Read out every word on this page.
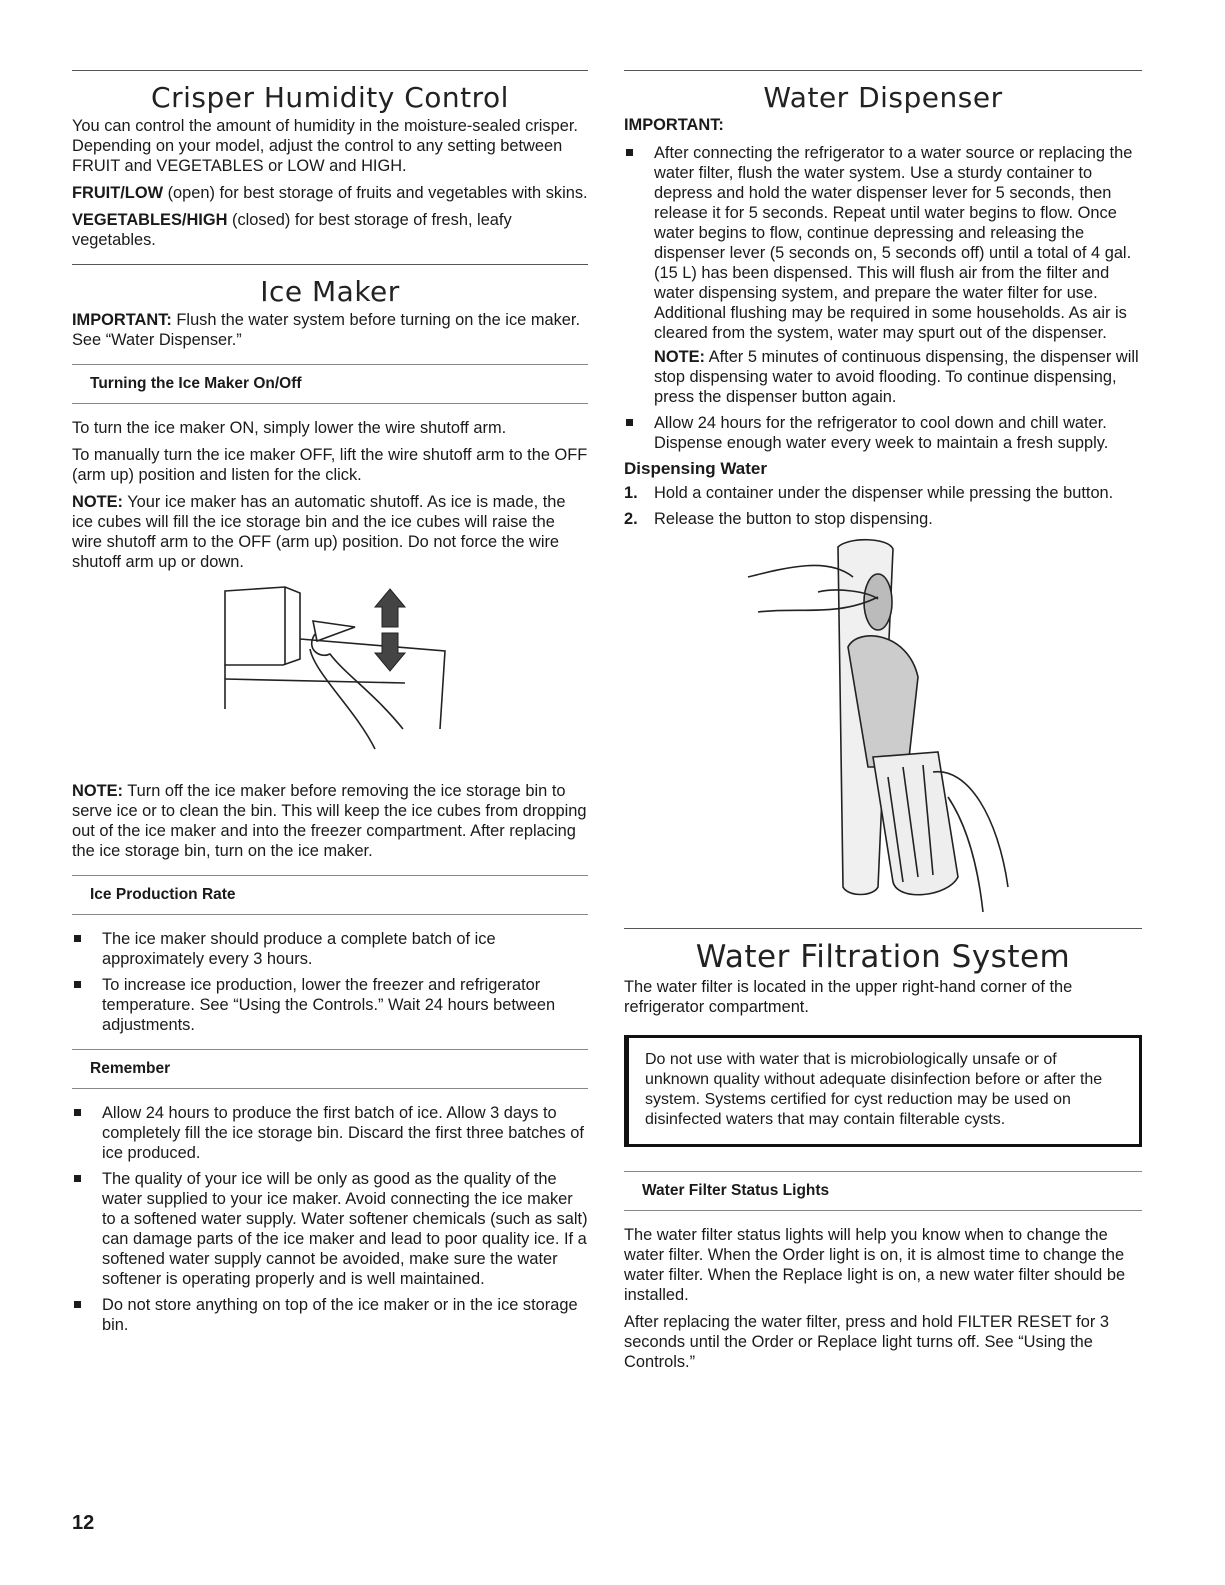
Crisper Humidity Control

You can control the amount of humidity in the moisture-sealed crisper. Depending on your model, adjust the control to any setting between FRUIT and VEGETABLES or LOW and HIGH.

FRUIT/LOW (open) for best storage of fruits and vegetables with skins.

VEGETABLES/HIGH (closed) for best storage of fresh, leafy vegetables.

Ice Maker

IMPORTANT: Flush the water system before turning on the ice maker. See “Water Dispenser.”

Turning the Ice Maker On/Off

To turn the ice maker ON, simply lower the wire shutoff arm.

To manually turn the ice maker OFF, lift the wire shutoff arm to the OFF (arm up) position and listen for the click.

NOTE: Your ice maker has an automatic shutoff. As ice is made, the ice cubes will fill the ice storage bin and the ice cubes will raise the wire shutoff arm to the OFF (arm up) position. Do not force the wire shutoff arm up or down.

NOTE: Turn off the ice maker before removing the ice storage bin to serve ice or to clean the bin. This will keep the ice cubes from dropping out of the ice maker and into the freezer compartment. After replacing the ice storage bin, turn on the ice maker.

Ice Production Rate
The ice maker should produce a complete batch of ice approximately every 3 hours.
To increase ice production, lower the freezer and refrigerator temperature. See “Using the Controls.” Wait 24 hours between adjustments.
Remember
Allow 24 hours to produce the first batch of ice. Allow 3 days to completely fill the ice storage bin. Discard the first three batches of ice produced.
The quality of your ice will be only as good as the quality of the water supplied to your ice maker. Avoid connecting the ice maker to a softened water supply. Water softener chemicals (such as salt) can damage parts of the ice maker and lead to poor quality ice. If a softened water supply cannot be avoided, make sure the water softener is operating properly and is well maintained.
Do not store anything on top of the ice maker or in the ice storage bin.
Water Dispenser
IMPORTANT:

After connecting the refrigerator to a water source or replacing the water filter, flush the water system. Use a sturdy container to depress and hold the water dispenser lever for 5 seconds, then release it for 5 seconds. Repeat until water begins to flow. Once water begins to flow, continue depressing and releasing the dispenser lever (5 seconds on, 5 seconds off) until a total of 4 gal. (15 L) has been dispensed. This will flush air from the filter and water dispensing system, and prepare the water filter for use. Additional flushing may be required in some households. As air is cleared from the system, water may spurt out of the dispenser.

NOTE: After 5 minutes of continuous dispensing, the dispenser will stop dispensing water to avoid flooding. To continue dispensing, press the dispenser button again.

Allow 24 hours for the refrigerator to cool down and chill water. Dispense enough water every week to maintain a fresh supply.
Dispensing Water
1. Hold a container under the dispenser while pressing the button.
2. Release the button to stop dispensing.
Water Filtration System

The water filter is located in the upper right-hand corner of the refrigerator compartment.

Do not use with water that is microbiologically unsafe or of unknown quality without adequate disinfection before or after the system. Systems certified for cyst reduction may be used on disinfected waters that may contain filterable cysts.
Water Filter Status Lights

The water filter status lights will help you know when to change the water filter. When the Order light is on, it is almost time to change the water filter. When the Replace light is on, a new water filter should be installed.

After replacing the water filter, press and hold FILTER RESET for 3 seconds until the Order or Replace light turns off. See “Using the Controls.”

12
